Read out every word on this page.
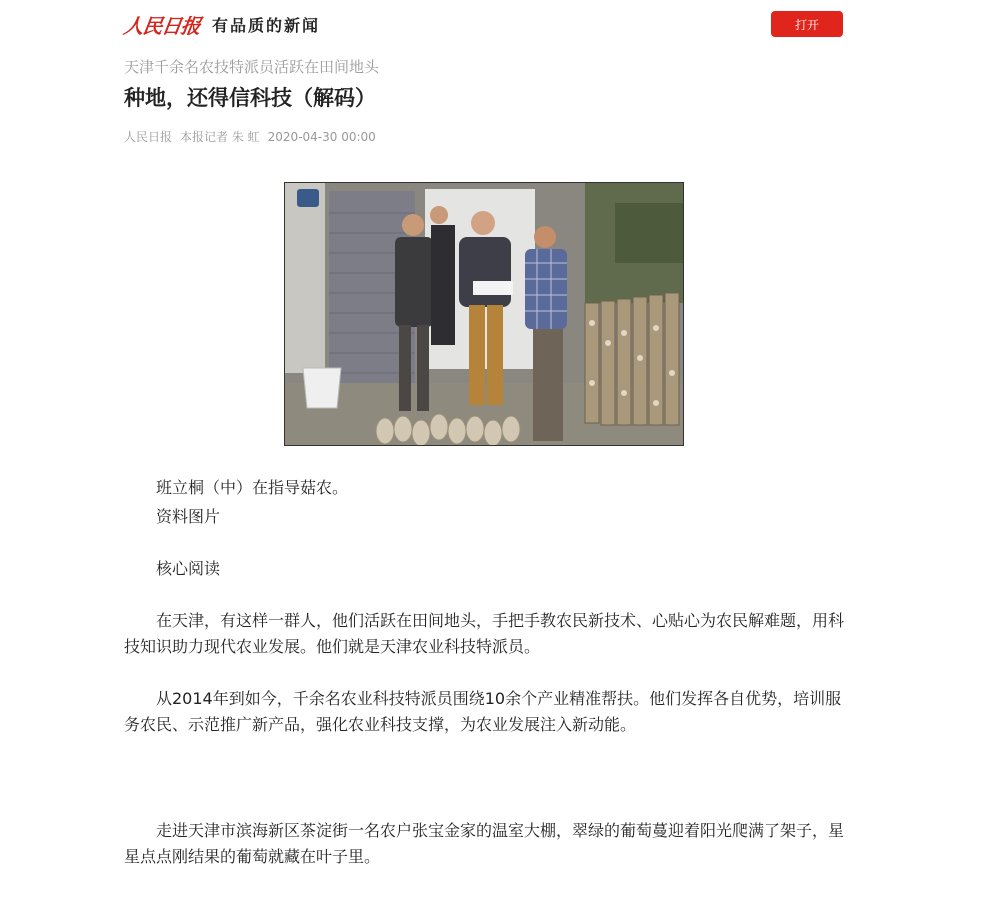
人民日报 有品质的新闻	打开
天津千余名农技特派员活跃在田间地头
种地，还得信科技（解码）
人民日报 本报记者 朱 虹 2020-04-30 00:00

班立桐（中）在指导菇农。

资料图片

核心阅读

在天津，有这样一群人，他们活跃在田间地头，手把手教农民新技术、心贴心为农民解难题，用科技知识助力现代农业发展。他们就是天津农业科技特派员。

从2014年到如今，千余名农业科技特派员围绕10余个产业精准帮扶。他们发挥各自优势，培训服务农民、示范推广新产品，强化农业科技支撑，为农业发展注入新动能。

走进天津市滨海新区茶淀街一名农户张宝金家的温室大棚，翠绿的葡萄蔓迎着阳光爬满了架子，星星点点刚结果的葡萄就藏在叶子里。
